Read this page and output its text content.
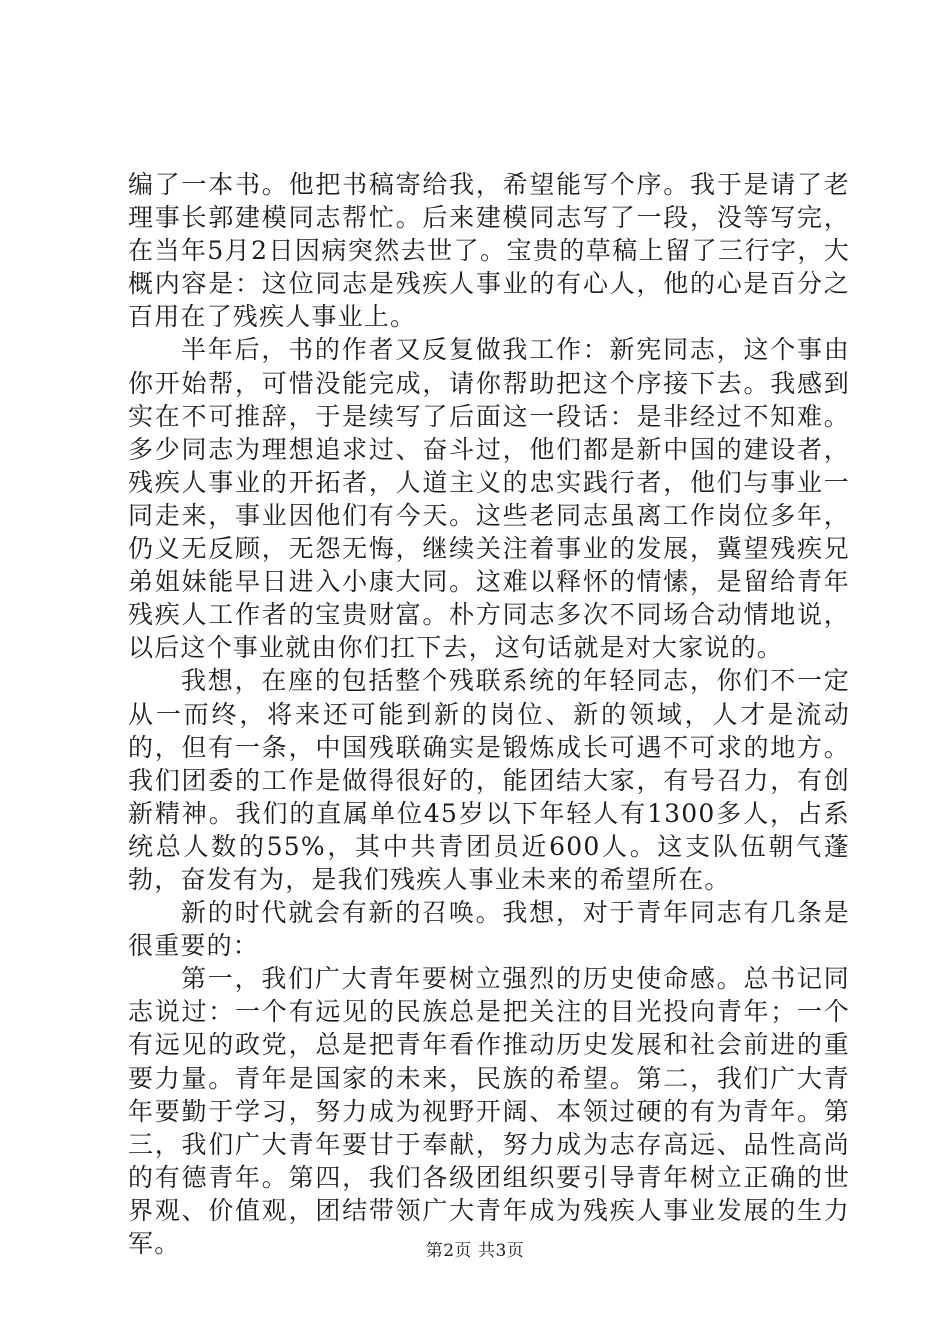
编了一本书。他把书稿寄给我，希望能写个序。我于是请了老理事长郭建模同志帮忙。后来建模同志写了一段，没等写完，在当年5月2日因病突然去世了。宝贵的草稿上留了三行字，大概内容是：这位同志是残疾人事业的有心人，他的心是百分之百用在了残疾人事业上。

半年后，书的作者又反复做我工作：新宪同志，这个事由你开始帮，可惜没能完成，请你帮助把这个序接下去。我感到实在不可推辞，于是续写了后面这一段话：是非经过不知难。多少同志为理想追求过、奋斗过，他们都是新中国的建设者，残疾人事业的开拓者，人道主义的忠实践行者，他们与事业一同走来，事业因他们有今天。这些老同志虽离工作岗位多年，仍义无反顾，无怨无悔，继续关注着事业的发展，冀望残疾兄弟姐妹能早日进入小康大同。这难以释怀的情愫，是留给青年残疾人工作者的宝贵财富。朴方同志多次不同场合动情地说，以后这个事业就由你们扛下去，这句话就是对大家说的。

我想，在座的包括整个残联系统的年轻同志，你们不一定从一而终，将来还可能到新的岗位、新的领域，人才是流动的，但有一条，中国残联确实是锻炼成长可遇不可求的地方。我们团委的工作是做得很好的，能团结大家，有号召力，有创新精神。我们的直属单位45岁以下年轻人有1300多人，占系统总人数的55%，其中共青团员近600人。这支队伍朝气蓬勃，奋发有为，是我们残疾人事业未来的希望所在。

新的时代就会有新的召唤。我想，对于青年同志有几条是很重要的：

第一，我们广大青年要树立强烈的历史使命感。总书记同志说过：一个有远见的民族总是把关注的目光投向青年；一个有远见的政党，总是把青年看作推动历史发展和社会前进的重要力量。青年是国家的未来，民族的希望。第二，我们广大青年要勤于学习，努力成为视野开阔、本领过硬的有为青年。第三，我们广大青年要甘于奉献，努力成为志存高远、品性高尚的有德青年。第四，我们各级团组织要引导青年树立正确的世界观、价值观，团结带领广大青年成为残疾人事业发展的生力军。	第2页 共3页
